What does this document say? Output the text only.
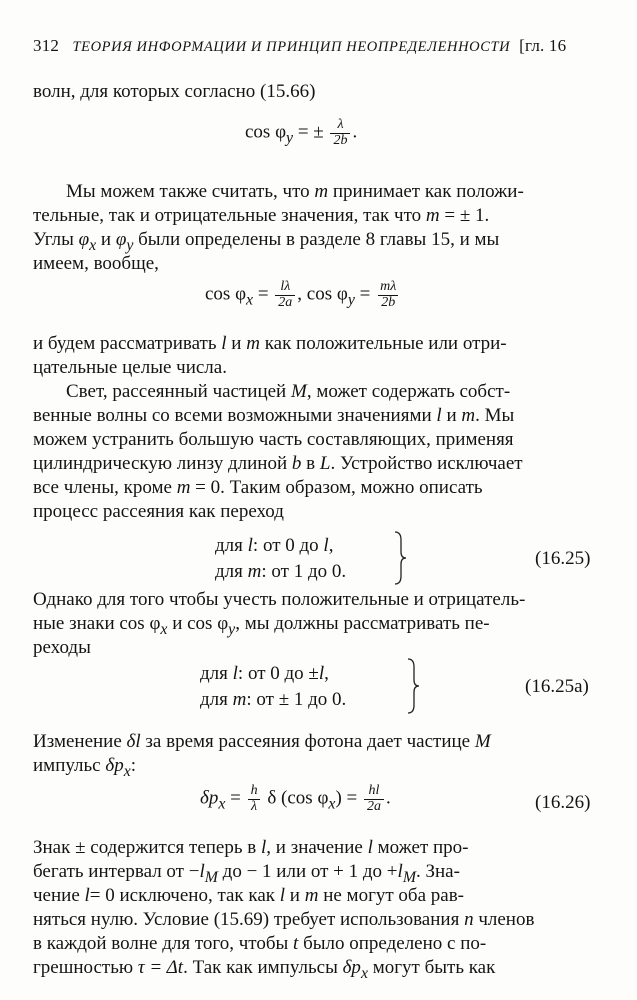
312 ТЕОРИЯ ИНФОРМАЦИИ И ПРИНЦИП НЕОПРЕДЕЛЕННОСТИ [гл. 16
волн, для которых согласно (15.66)
$\cos \varphi_y$ = ± $\frac{\lambda}{2b}$ .
Мы можем также считать, что m принимает как положи-
тельные, так и отрицательные значения, так что m = ± 1.
Углы $\varphi_x$ и $\varphi_y$ были определены в разделе 8 главы 15, и мы
имеем, вообще,
$\cos \varphi_x = \frac{l\lambda}{2a}$ , $\cos \varphi_y = \frac{m\lambda}{2b}$
и будем рассматривать l и m как положительные или отри-
цательные целые числа.
Свет, рассеянный частицей M, может содержать собст-
венные волны со всеми возможными значениями l и m. Мы
можем устранить большую часть составляющих, применяя
цилиндрическую линзу длиной b в L. Устройство исключает
все члены, кроме m = 0. Таким образом, можно описать
процесс рассеяния как переход
для l: от 0 до l,
для m: от 1 до 0.
(16.25)
Однако для того чтобы учесть положительные и отрицатель-
ные знаки $\cos \varphi_x$ и $\cos \varphi_y$, мы должны рассматривать пе-
реходы
для l: от 0 до ±l,
для m: от ± 1 до 0.
(16.25a)
Изменение δl за время рассеяния фотона дает частице M
импульс $\delta p_x$:
$\delta p_x = \frac{h}{\lambda}$ δ (cos $\varphi_x) = \frac{hl}{2a}$ .	(16.26)
Знак ± содержится теперь в l, и значение l может про-
бегать интервал от $-l_M$ до − 1 или от + 1 до $+l_M$. Зна-
чение l= 0 исключено, так как l и m не могут оба рав-
няться нулю. Условие (15.69) требует использования n членов
в каждой волне для того, чтобы t было определено с по-
грешностью τ = Δt. Так как импульсы $\delta p_x$ могут быть как
